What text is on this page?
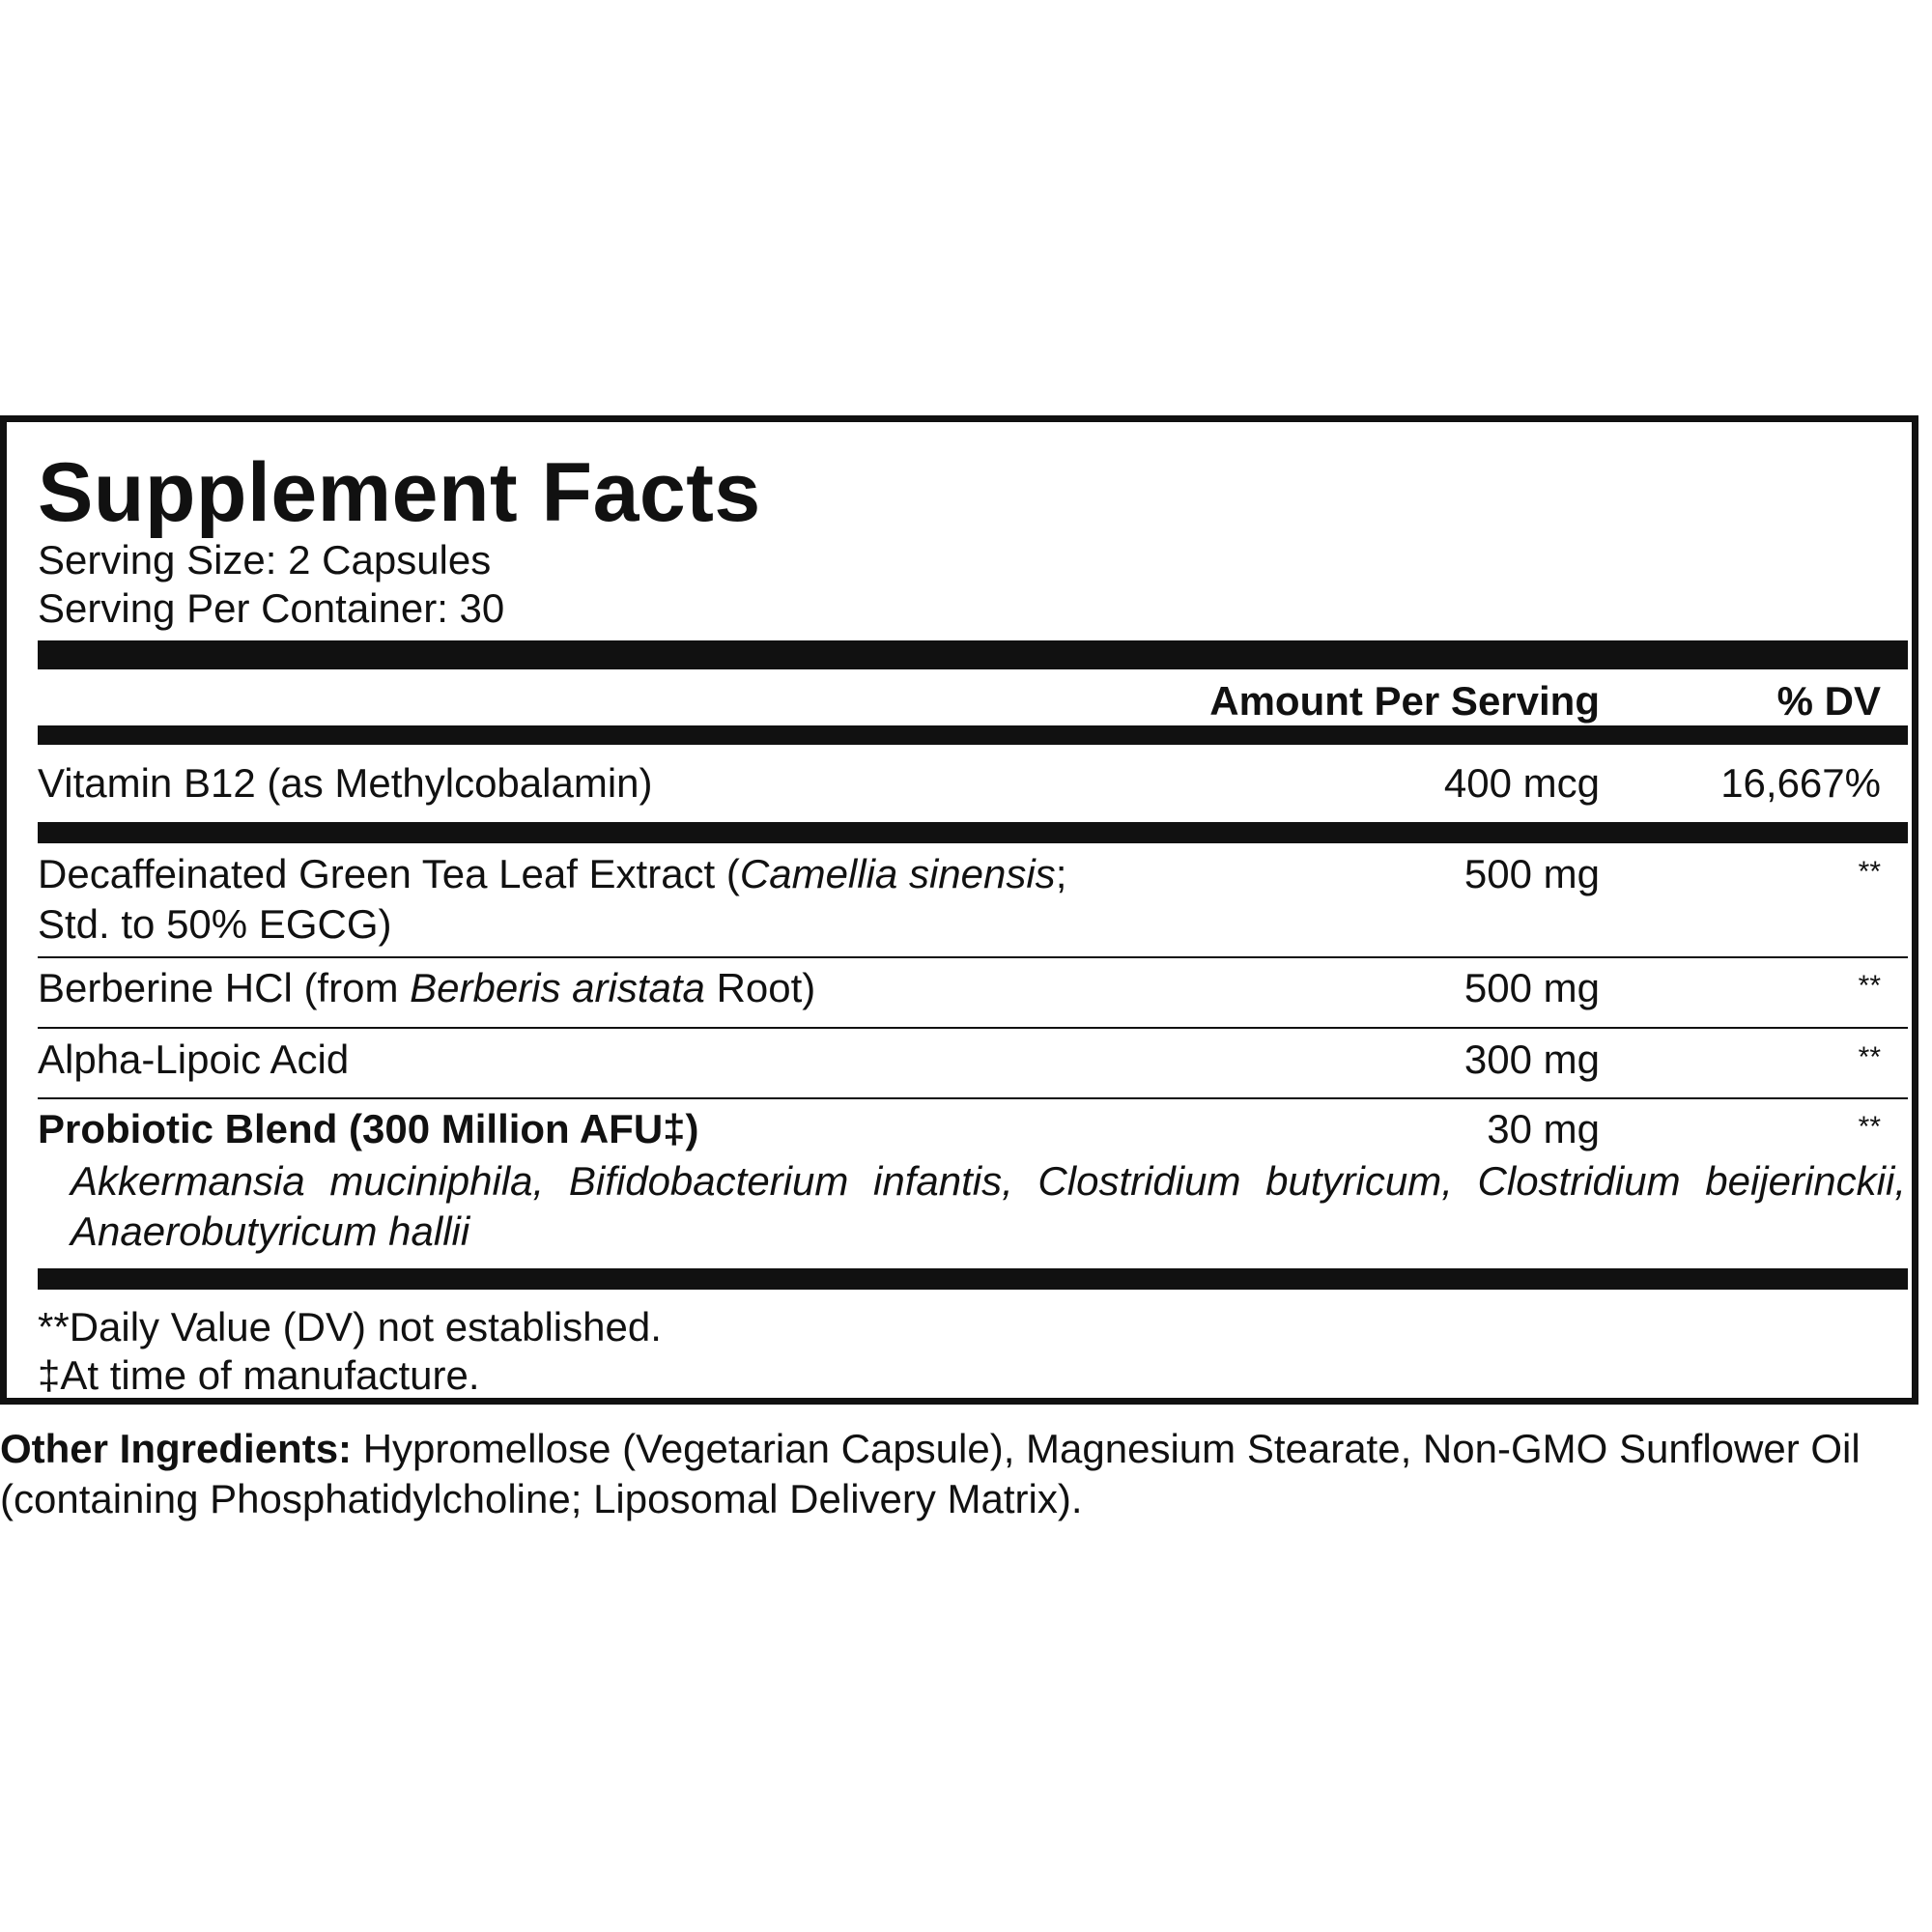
Supplement Facts
Serving Size: 2 Capsules
Serving Per Container: 30
Amount Per Serving	% DV
Vitamin B12 (as Methylcobalamin)	400 mcg	16,667%
Decaffeinated Green Tea Leaf Extract (Camellia sinensis;
Std. to 50% EGCG)
500 mg	**
Berberine HCl (from Berberis aristata Root)	500 mg	**
Alpha-Lipoic Acid	300 mg	**
Probiotic Blend (300 Million AFU‡)	30 mg	**
Akkermansia muciniphila, Bifidobacterium infantis, Clostridium butyricum, Clostridium beijerinckii, Anaerobutyricum hallii
**Daily Value (DV) not established.
‡At time of manufacture.
Other Ingredients: Hypromellose (Vegetarian Capsule), Magnesium Stearate, Non-GMO Sunflower Oil (containing Phosphatidylcholine; Liposomal Delivery Matrix).
